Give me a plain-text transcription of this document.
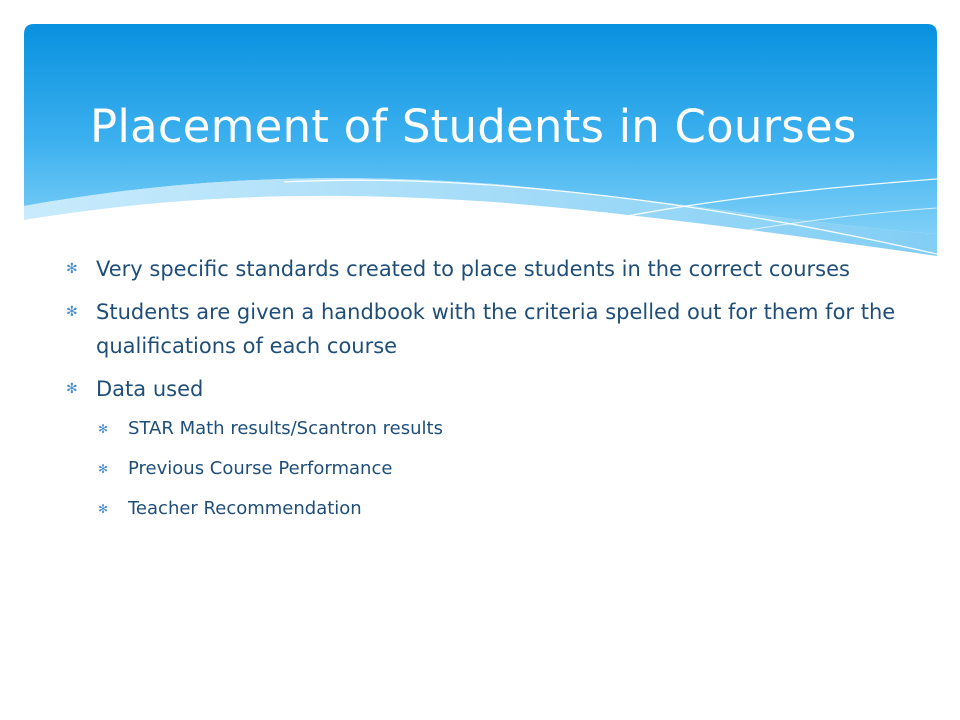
Placement of Students in Courses
✻ Very specific standards created to place students in the correct courses
✻ Students are given a handbook with the criteria spelled out for them for the qualifications of each course
✻ Data used
✻ STAR Math results/Scantron results
✻ Previous Course Performance
✻ Teacher Recommendation
